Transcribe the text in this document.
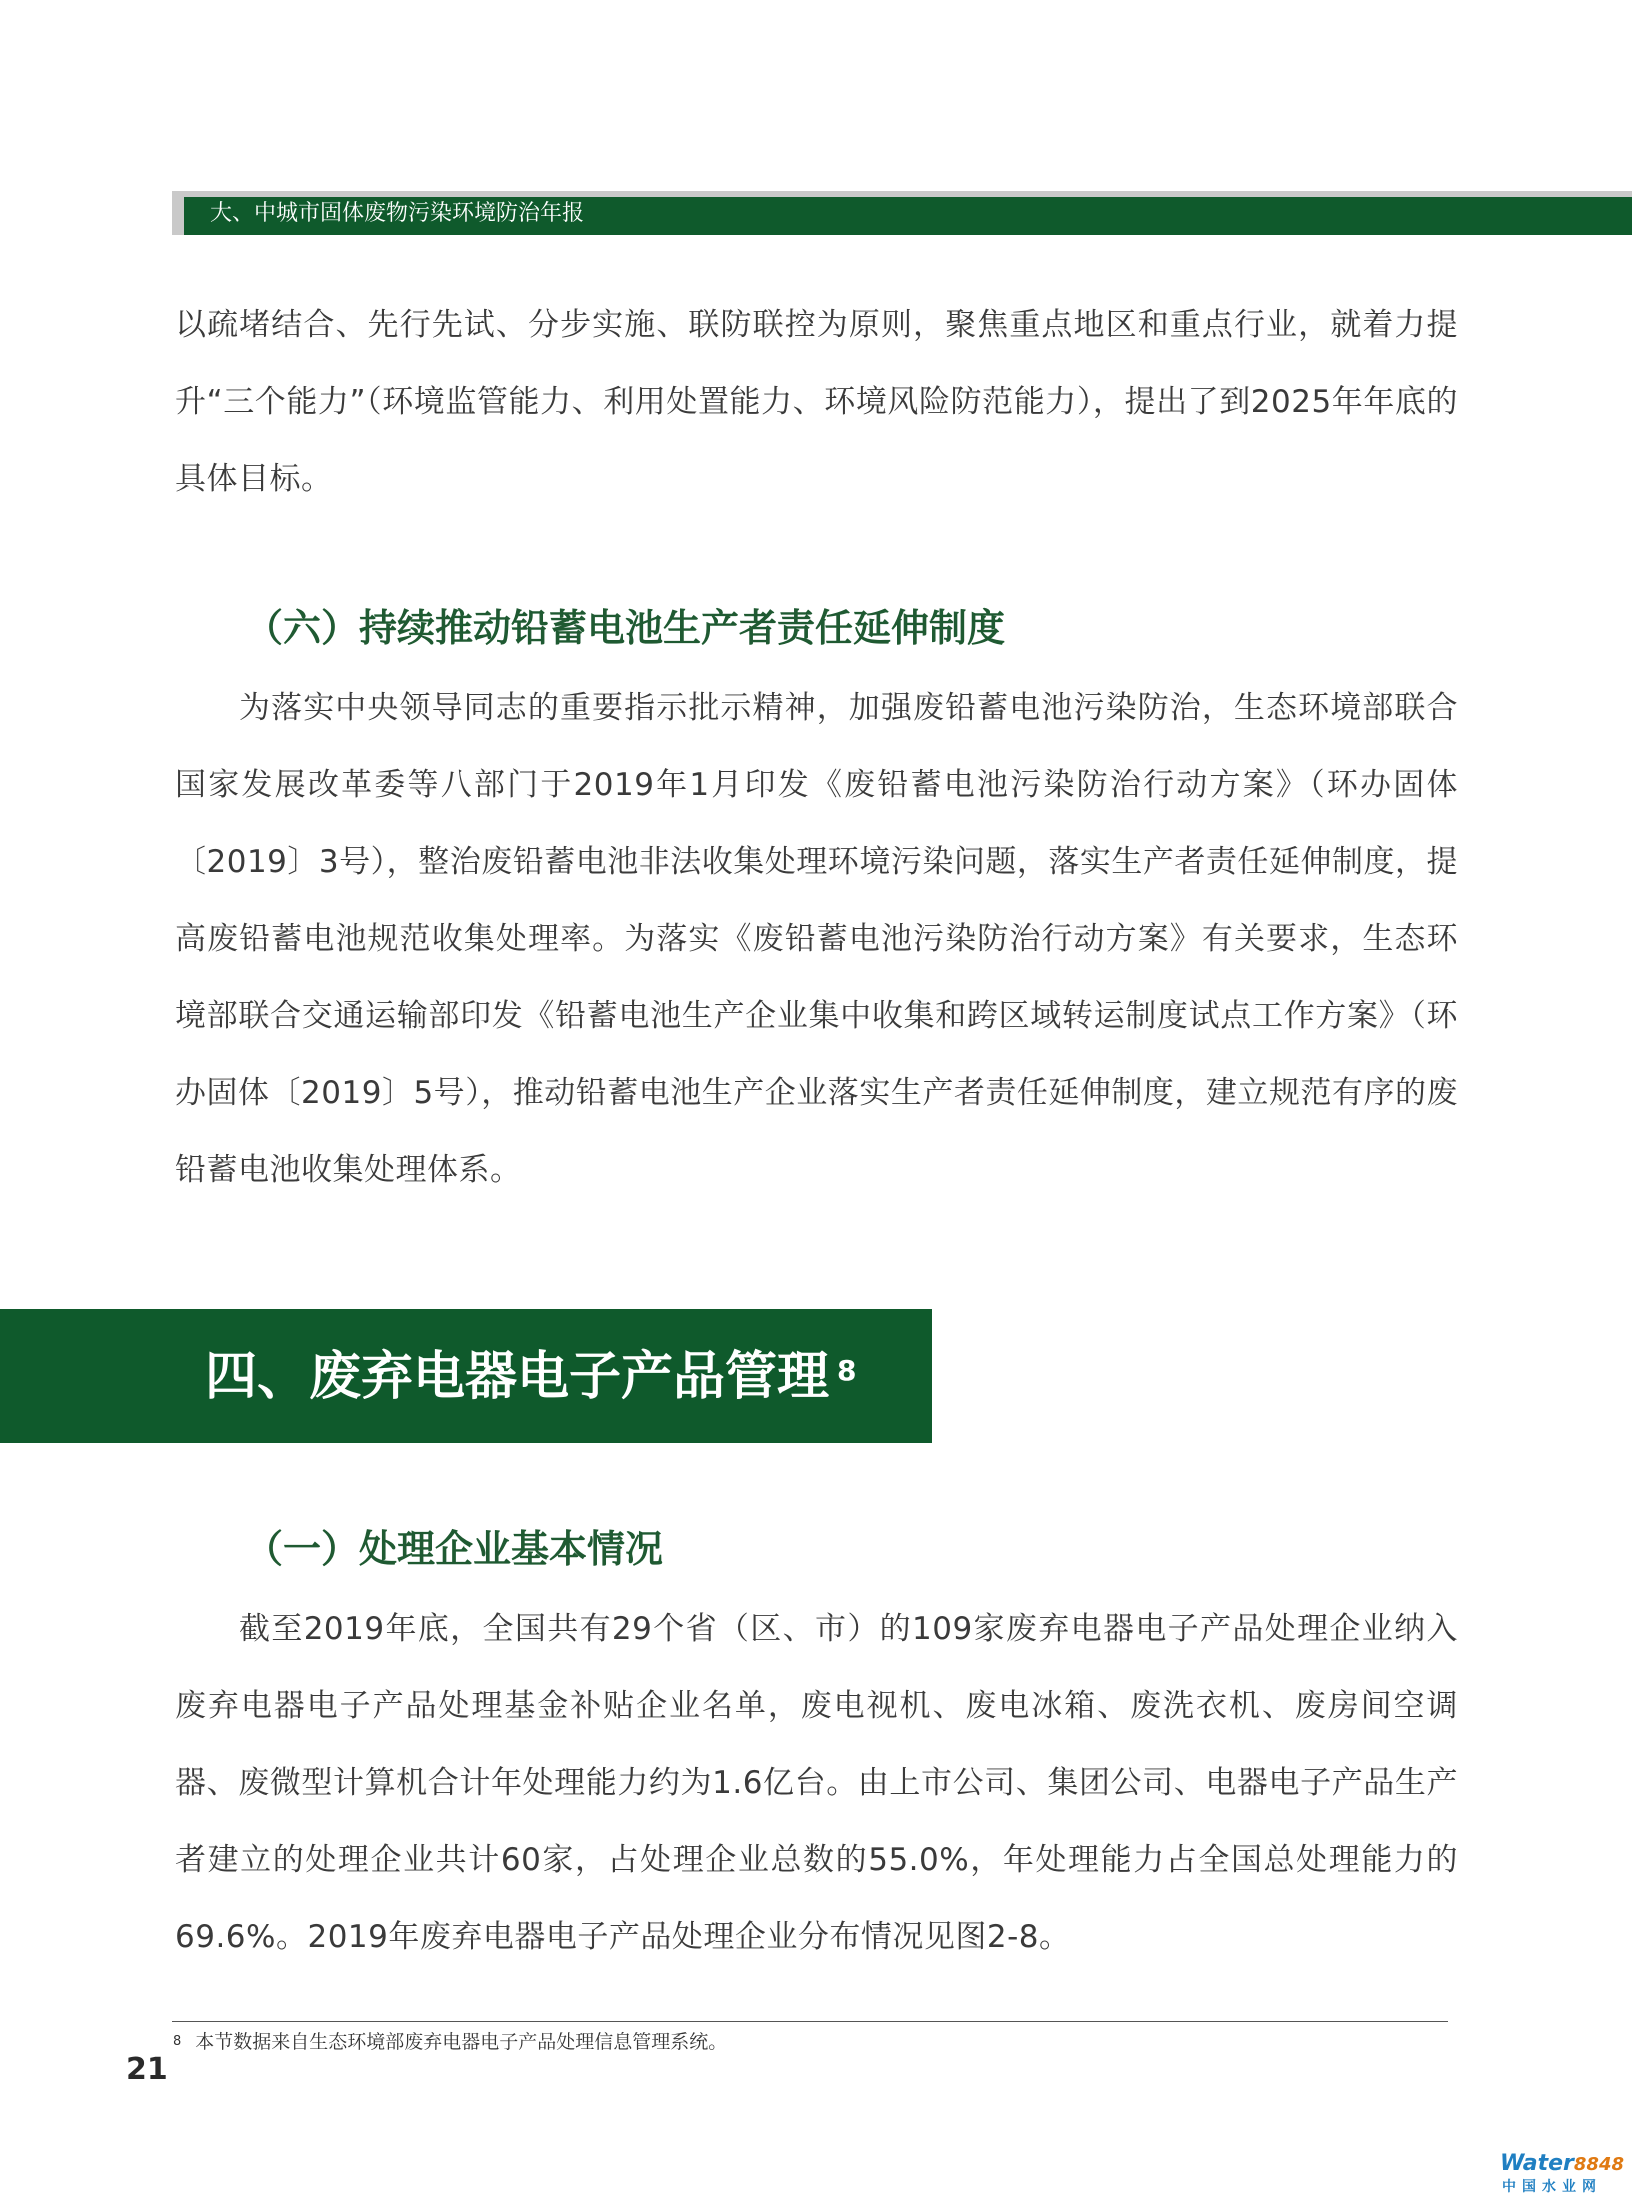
大、中城市固体废物污染环境防治年报

以疏堵结合、先行先试、分步实施、联防联控为原则，聚焦重点地区和重点行业，就着力提升“三个能力”（环境监管能力、利用处置能力、环境风险防范能力），提出了到2025年年底的具体目标。

（六）持续推动铅蓄电池生产者责任延伸制度

为落实中央领导同志的重要指示批示精神，加强废铅蓄电池污染防治，生态环境部联合国家发展改革委等八部门于2019年1月印发《废铅蓄电池污染防治行动方案》（环办固体〔2019〕3号），整治废铅蓄电池非法收集处理环境污染问题，落实生产者责任延伸制度，提高废铅蓄电池规范收集处理率。为落实《废铅蓄电池污染防治行动方案》有关要求，生态环境部联合交通运输部印发《铅蓄电池生产企业集中收集和跨区域转运制度试点工作方案》（环办固体〔2019〕5号），推动铅蓄电池生产企业落实生产者责任延伸制度，建立规范有序的废铅蓄电池收集处理体系。

四、废弃电器电子产品管理 $^8$
（一）处理企业基本情况

截至2019年底，全国共有29个省（区、市）的109家废弃电器电子产品处理企业纳入废弃电器电子产品处理基金补贴企业名单，废电视机、废电冰箱、废洗衣机、废房间空调器、废微型计算机合计年处理能力约为1.6亿台。由上市公司、集团公司、电器电子产品生产者建立的处理企业共计60家，占处理企业总数的55.0%，年处理能力占全国总处理能力的69.6%。2019年废弃电器电子产品处理企业分布情况见图2-8。

$^8$ 本节数据来自生态环境部废弃电器电子产品处理信息管理系统。
21
Water8848
中国水业网
